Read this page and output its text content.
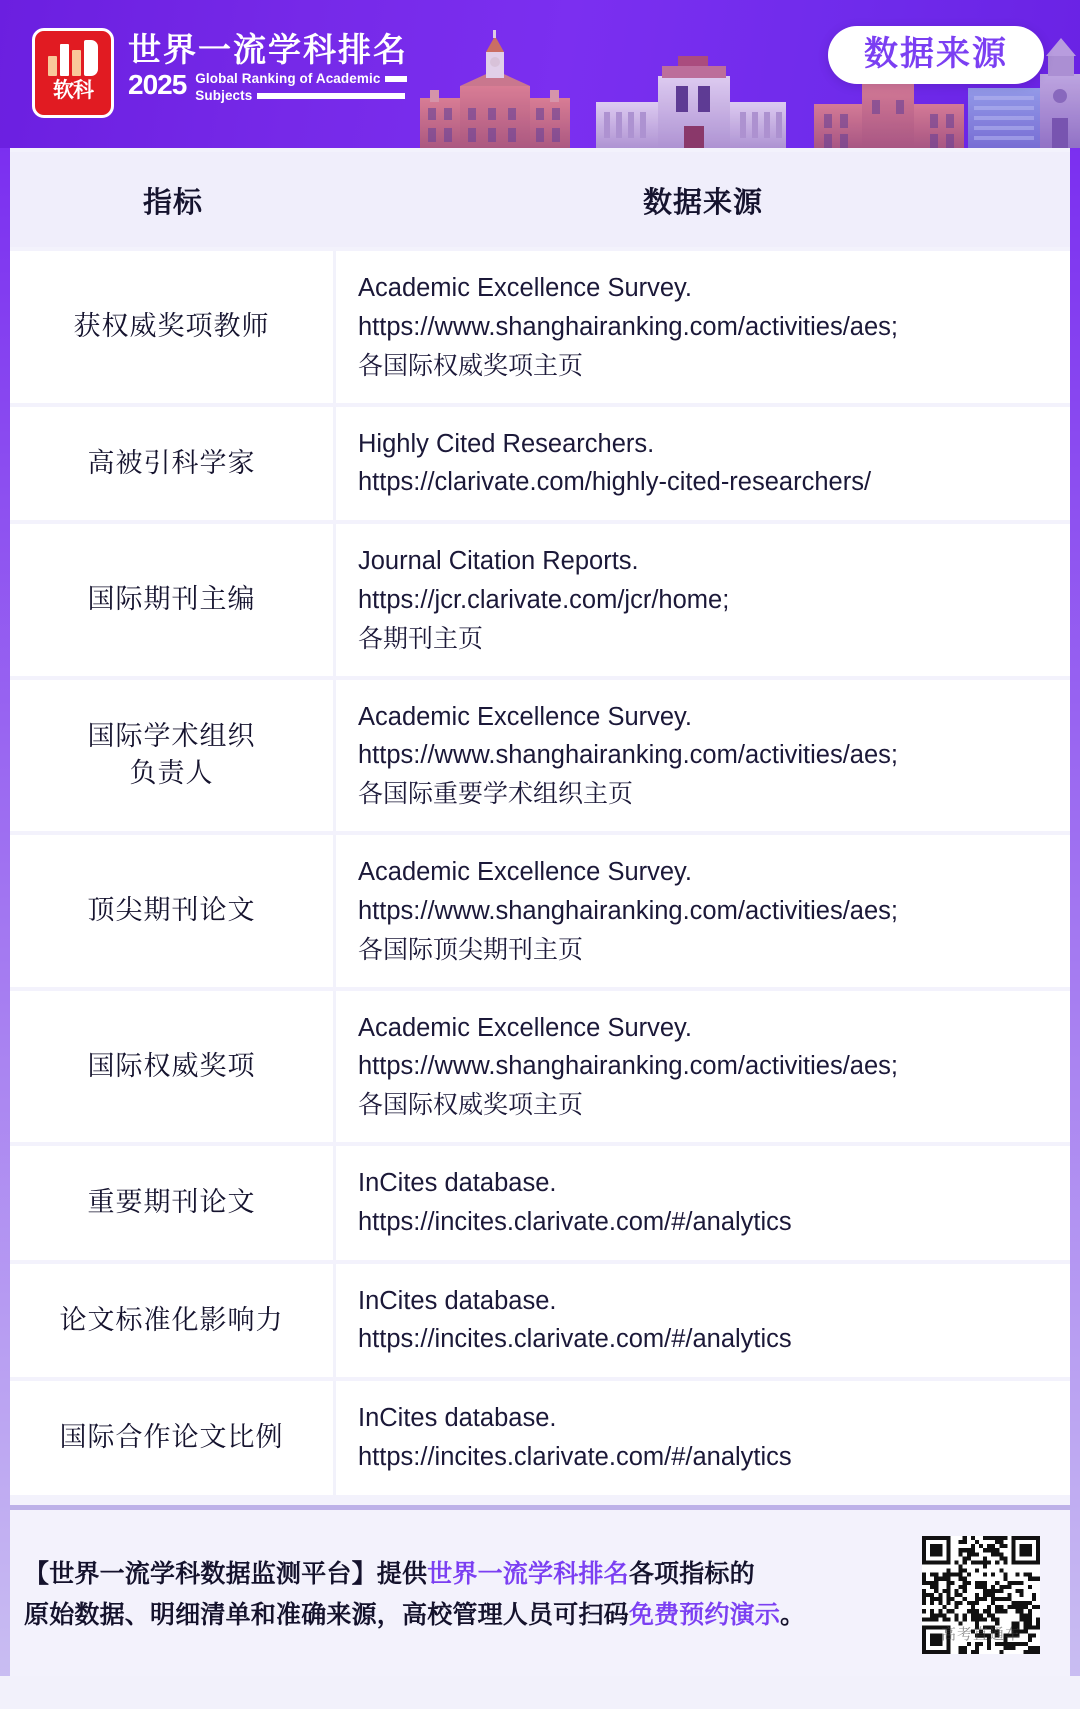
软科
世界一流学科排名
2025 Global Ranking of Academic
Subjects
数据来源
指标	数据来源
获权威奖项教师	Academic Excellence Survey.
https://www.shanghairanking.com/activities/aes;
各国际权威奖项主页

高被引科学家	Highly Cited Researchers.
https://clarivate.com/highly-cited-researchers/

国际期刊主编	Journal Citation Reports.
https://jcr.clarivate.com/jcr/home;
各期刊主页

国际学术组织
负责人	Academic Excellence Survey.
https://www.shanghairanking.com/activities/aes;
各国际重要学术组织主页

顶尖期刊论文	Academic Excellence Survey.
https://www.shanghairanking.com/activities/aes;
各国际顶尖期刊主页

国际权威奖项	Academic Excellence Survey.
https://www.shanghairanking.com/activities/aes;
各国际权威奖项主页

重要期刊论文	InCites database.
https://incites.clarivate.com/#/analytics

论文标准化影响力	InCites database.
https://incites.clarivate.com/#/analytics

国际合作论文比例	InCites database.
https://incites.clarivate.com/#/analytics
【世界一流学科数据监测平台】提供世界一流学科排名各项指标的
原始数据、明细清单和准确来源，高校管理人员可扫码免费预约演示。
高考直通车
